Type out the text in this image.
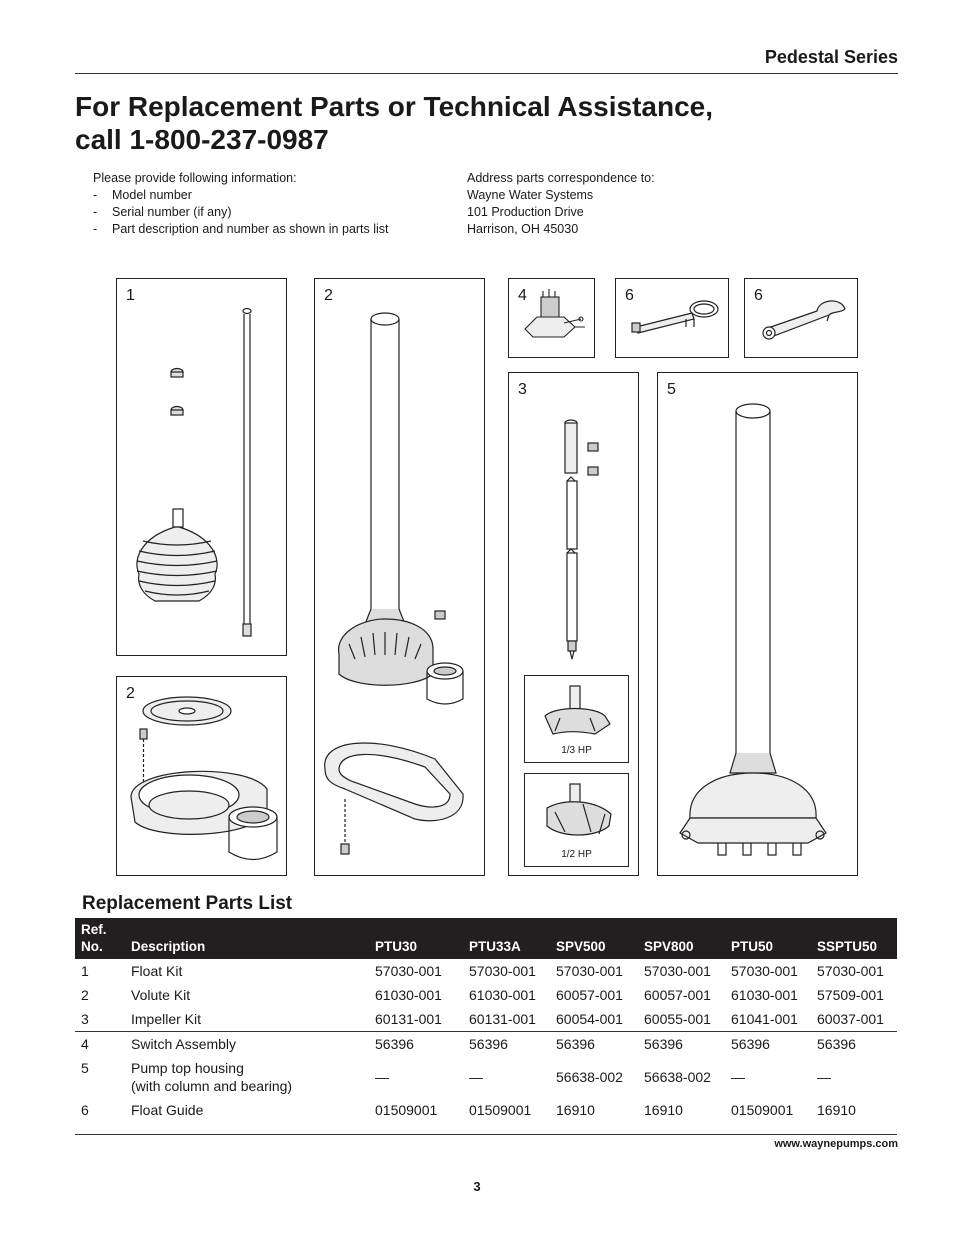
Pedestal Series
For Replacement Parts or Technical Assistance,
call 1-800-237-0987
Please provide following information:
- Model number
- Serial number (if any)
- Part description and number as shown in parts list
Address parts correspondence to:
Wayne Water Systems
101 Production Drive
Harrison, OH 45030
1
2
2	4	6	6
3
1/3 HP
1/2 HP
5
Replacement Parts List
Ref.
No.	Description	PTU30	PTU33A	SPV500	SPV800	PTU50	SSPTU50
1	Float Kit	57030-001	57030-001	57030-001	57030-001	57030-001	57030-001
2	Volute Kit	61030-001	61030-001	60057-001	60057-001	61030-001	57509-001
3	Impeller Kit	60131-001	60131-001	60054-001	60055-001	61041-001	60037-001
4	Switch Assembly	56396	56396	56396	56396	56396	56396
5	Pump top housing
(with column and bearing)	—	—	56638-002	56638-002	—	—
6	Float Guide	01509001	01509001	16910	16910	01509001	16910
www.waynepumps.com
3
